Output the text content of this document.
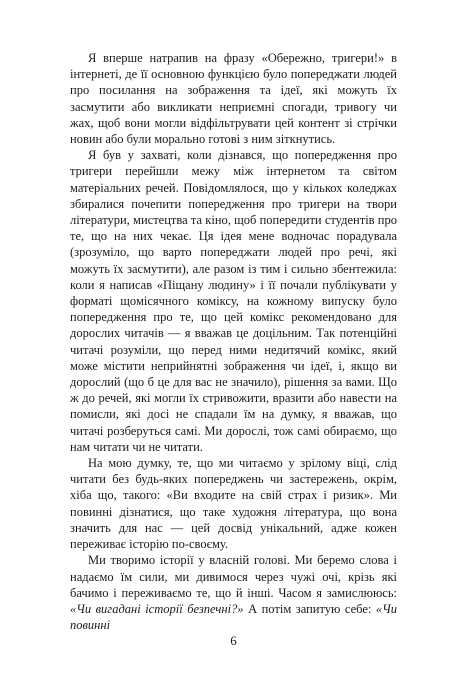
Я вперше натрапив на фразу «Обережно, тригери!» в інтернеті, де її основною функцією було попереджати людей про посилання на зображення та ідеї, які можуть їх засмутити або викликати неприємні спогади, тривогу чи жах, щоб вони могли відфільтрувати цей контент зі стрічки новин або були морально готові з ним зіткнутись.

Я був у захваті, коли дізнався, що попередження про тригери перейшли межу між інтернетом та світом матеріальних речей. Повідомлялося, що у кількох коледжах збиралися почепити попередження про тригери на твори літератури, мистецтва та кіно, щоб попередити студентів про те, що на них чекає. Ця ідея мене водночас порадувала (зрозуміло, що варто попереджати людей про речі, які можуть їх засмутити), але разом із тим і сильно збентежила: коли я написав «Піщану людину» і її почали публікувати у форматі щомісячного коміксу, на кожному випуску було попередження про те, що цей комікс рекомендовано для дорослих читачів — я вважав це доцільним. Так потенційні читачі розуміли, що перед ними недитячий комікс, який може містити неприйнятні зображення чи ідеї, і, якщо ви дорослий (що б це для вас не значило), рішення за вами. Що ж до речей, які могли їх стривожити, вразити або навести на помисли, які досі не спадали їм на думку, я вважав, що читачі розберуться самі. Ми дорослі, тож самі обираємо, що нам читати чи не читати.

На мою думку, те, що ми читаємо у зрілому віці, слід читати без будь-яких попереджень чи застережень, окрім, хіба що, такого: «Ви входите на свій страх і ризик». Ми повинні дізнатися, що таке художня література, що вона значить для нас — цей досвід унікальний, адже кожен переживає історію по-своєму.

Ми творимо історії у власній голові. Ми беремо слова і надаємо їм сили, ми дивимося через чужі очі, крізь які бачимо і переживаємо те, що й інші. Часом я замислююсь: «Чи вигадані історії безпечні?» А потім запитую себе: «Чи повинні

6
